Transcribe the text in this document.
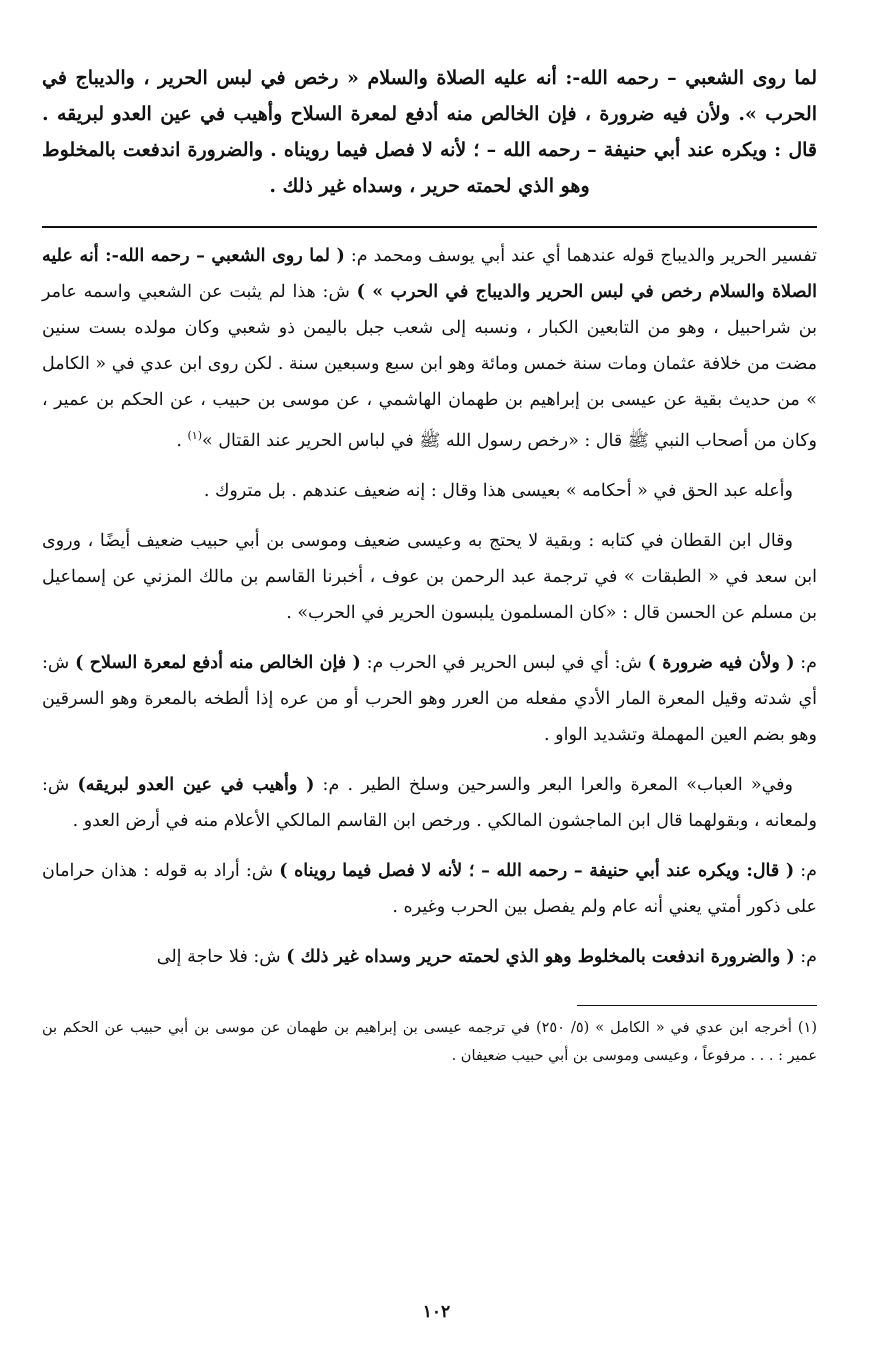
لما روى الشعبي – رحمه الله-: أنه عليه الصلاة والسلام « رخص في لبس الحرير ، والديباج في الحرب ». ولأن فيه ضرورة ، فإن الخالص منه أدفع لمعرة السلاح وأهيب في عين العدو لبريقه . قال : ويكره عند أبي حنيفة – رحمه الله – ؛ لأنه لا فصل فيما رويناه . والضرورة اندفعت بالمخلوط وهو الذي لحمته حرير ، وسداه غير ذلك .

تفسير الحرير والديباج قوله عندهما أي عند أبي يوسف ومحمد م: ( لما روى الشعبي – رحمه الله-: أنه عليه الصلاة والسلام رخص في لبس الحرير والديباج في الحرب » ) ش: هذا لم يثبت عن الشعبي واسمه عامر بن شراحبيل ، وهو من التابعين الكبار ، ونسبه إلى شعب جبل باليمن ذو شعبي وكان مولده بست سنين مضت من خلافة عثمان ومات سنة خمس ومائة وهو ابن سبع وسبعين سنة . لكن روى ابن عدي في « الكامل » من حديث بقية عن عيسى بن إبراهيم بن طهمان الهاشمي ، عن موسى بن حبيب ، عن الحكم بن عمير ، وكان من أصحاب النبي ﷺ قال : «رخص رسول الله ﷺ في لباس الحرير عند القتال »$^{(١)}$ .

وأعله عبد الحق في « أحكامه » بعيسى هذا وقال : إنه ضعيف عندهم . بل متروك .

وقال ابن القطان في كتابه : وبقية لا يحتج به وعيسى ضعيف وموسى بن أبي حبيب ضعيف أيضًا ، وروى ابن سعد في « الطبقات » في ترجمة عبد الرحمن بن عوف ، أخبرنا القاسم بن مالك المزني عن إسماعيل بن مسلم عن الحسن قال : «كان المسلمون يلبسون الحرير في الحرب» .

م: ( ولأن فيه ضرورة ) ش: أي في لبس الحرير في الحرب م: ( فإن الخالص منه أدفع لمعرة السلاح ) ش: أي شدته وقيل المعرة المار الأدي مفعله من العرر وهو الحرب أو من عره إذا ألطخه بالمعرة وهو السرقين وهو بضم العين المهملة وتشديد الواو .

وفي« العباب» المعرة والعرا البعر والسرحين وسلخ الطير . م: ( وأهيب في عين العدو لبريقه) ش: ولمعانه ، وبقولهما قال ابن الماجشون المالكي . ورخص ابن القاسم المالكي الأعلام منه في أرض العدو .

م: ( قال: ويكره عند أبي حنيفة – رحمه الله – ؛ لأنه لا فصل فيما رويناه ) ش: أراد به قوله : هذان حرامان على ذكور أمتي يعني أنه عام ولم يفصل بين الحرب وغيره .

م: ( والضرورة اندفعت بالمخلوط وهو الذي لحمته حرير وسداه غير ذلك ) ش: فلا حاجة إلى

(١) أخرجه ابن عدي في « الكامل » (٥/ ٢٥٠) في ترجمه عيسى بن إبراهيم بن طهمان عن موسى بن أبي حبيب عن الحكم بن عمير : . . . مرفوعاً ، وعيسى وموسى بن أبي حبيب ضعيفان .

١٠٢
